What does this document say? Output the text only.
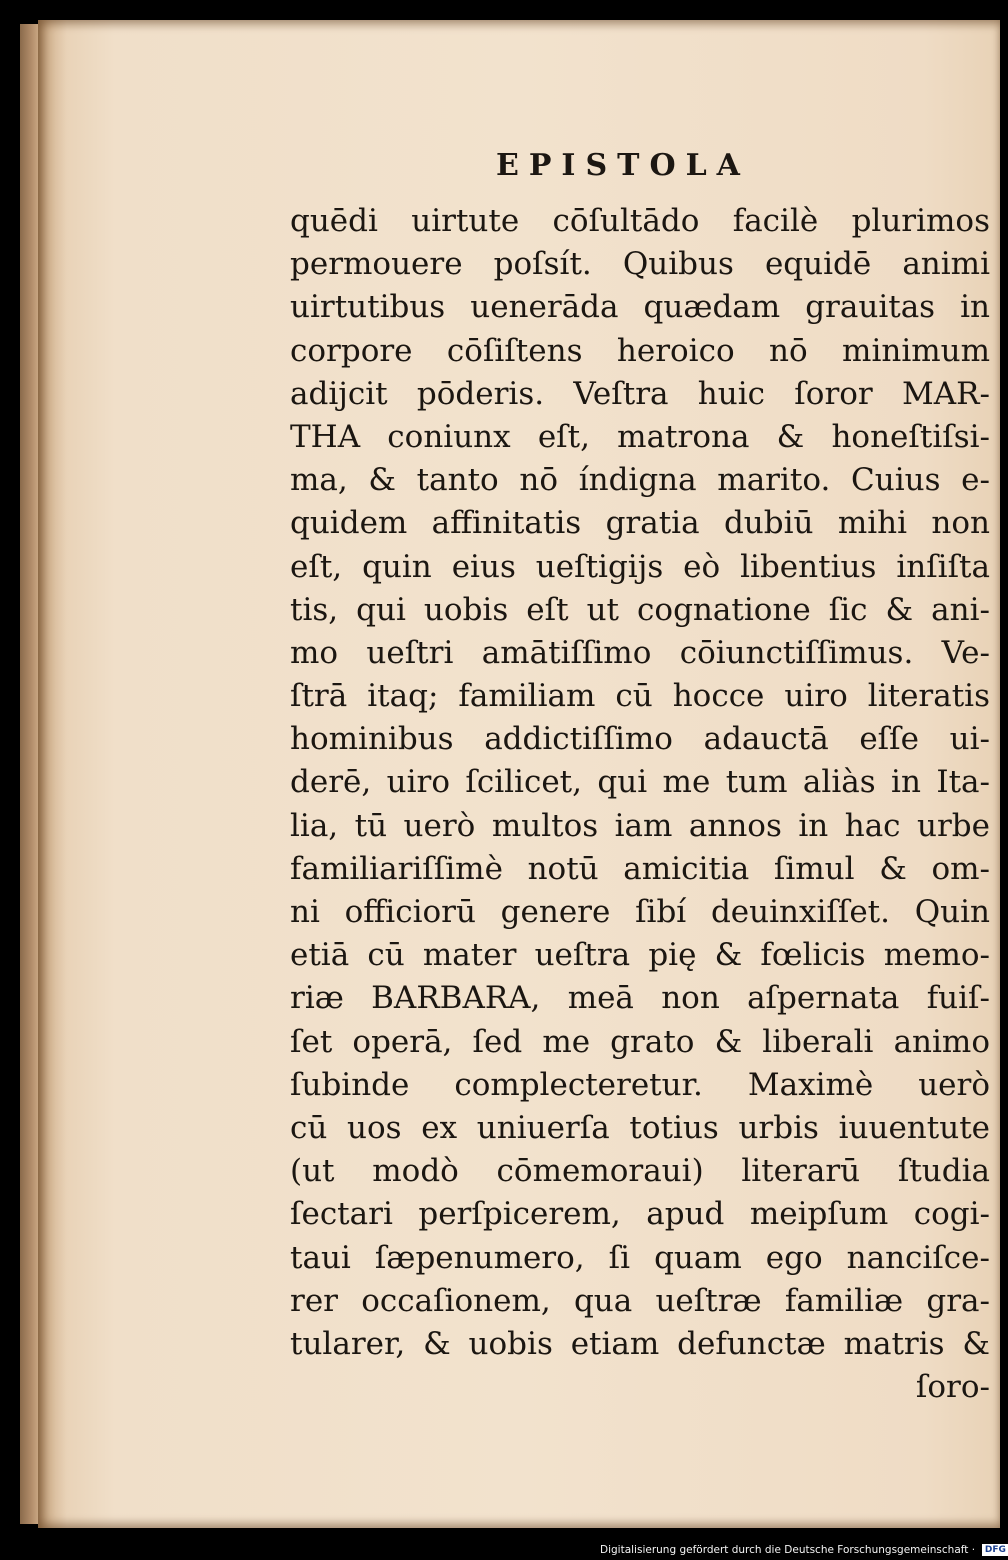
EPISTOLA
quēdi uirtute cōſultādo facilè plurimos
permouere poſsít. Quibus equidē animi
uirtutibus uenerāda quædam grauitas in
corpore cōſiſtens heroico nō minimum
adijcit pōderis. Veſtra huic ſoror MAR-
THA coniunx eſt, matrona & honeſtiſsi-
ma, & tanto nō índigna marito. Cuius e-
quidem affinitatis gratia dubiū mihi non
eſt, quin eius ueſtigijs eò libentius inſiſta
tis, qui uobis eſt ut cognatione ſic & ani-
mo ueſtri amātiſſimo cōiunctiſſimus. Ve-
ſtrā itaq; familiam cū hocce uiro literatis
hominibus addictiſſimo adauctā eſſe ui-
derē, uiro ſcilicet, qui me tum aliàs in Ita-
lia, tū uerò multos iam annos in hac urbe
familiariſſimè notū amicitia ſimul & om-
ni officiorū genere ſibí deuinxiſſet. Quin
etiā cū mater ueſtra pię & fœlicis memo-
riæ BARBARA, meā non aſpernata fuiſ-
ſet operā, ſed me grato & liberali animo
ſubinde complecteretur. Maximè uerò
cū uos ex uniuerſa totius urbis iuuentute
(ut modò cōmemoraui) literarū ſtudia
ſectari perſpicerem, apud meipſum cogi-
taui ſæpenumero, ſi quam ego nanciſce-
rer occaſionem, qua ueſtræ familiæ gra-
tularer, & uobis etiam defunctæ matris &
ſoro-
Digitalisierung gefördert durch die Deutsche Forschungsgemeinschaft · DFG
